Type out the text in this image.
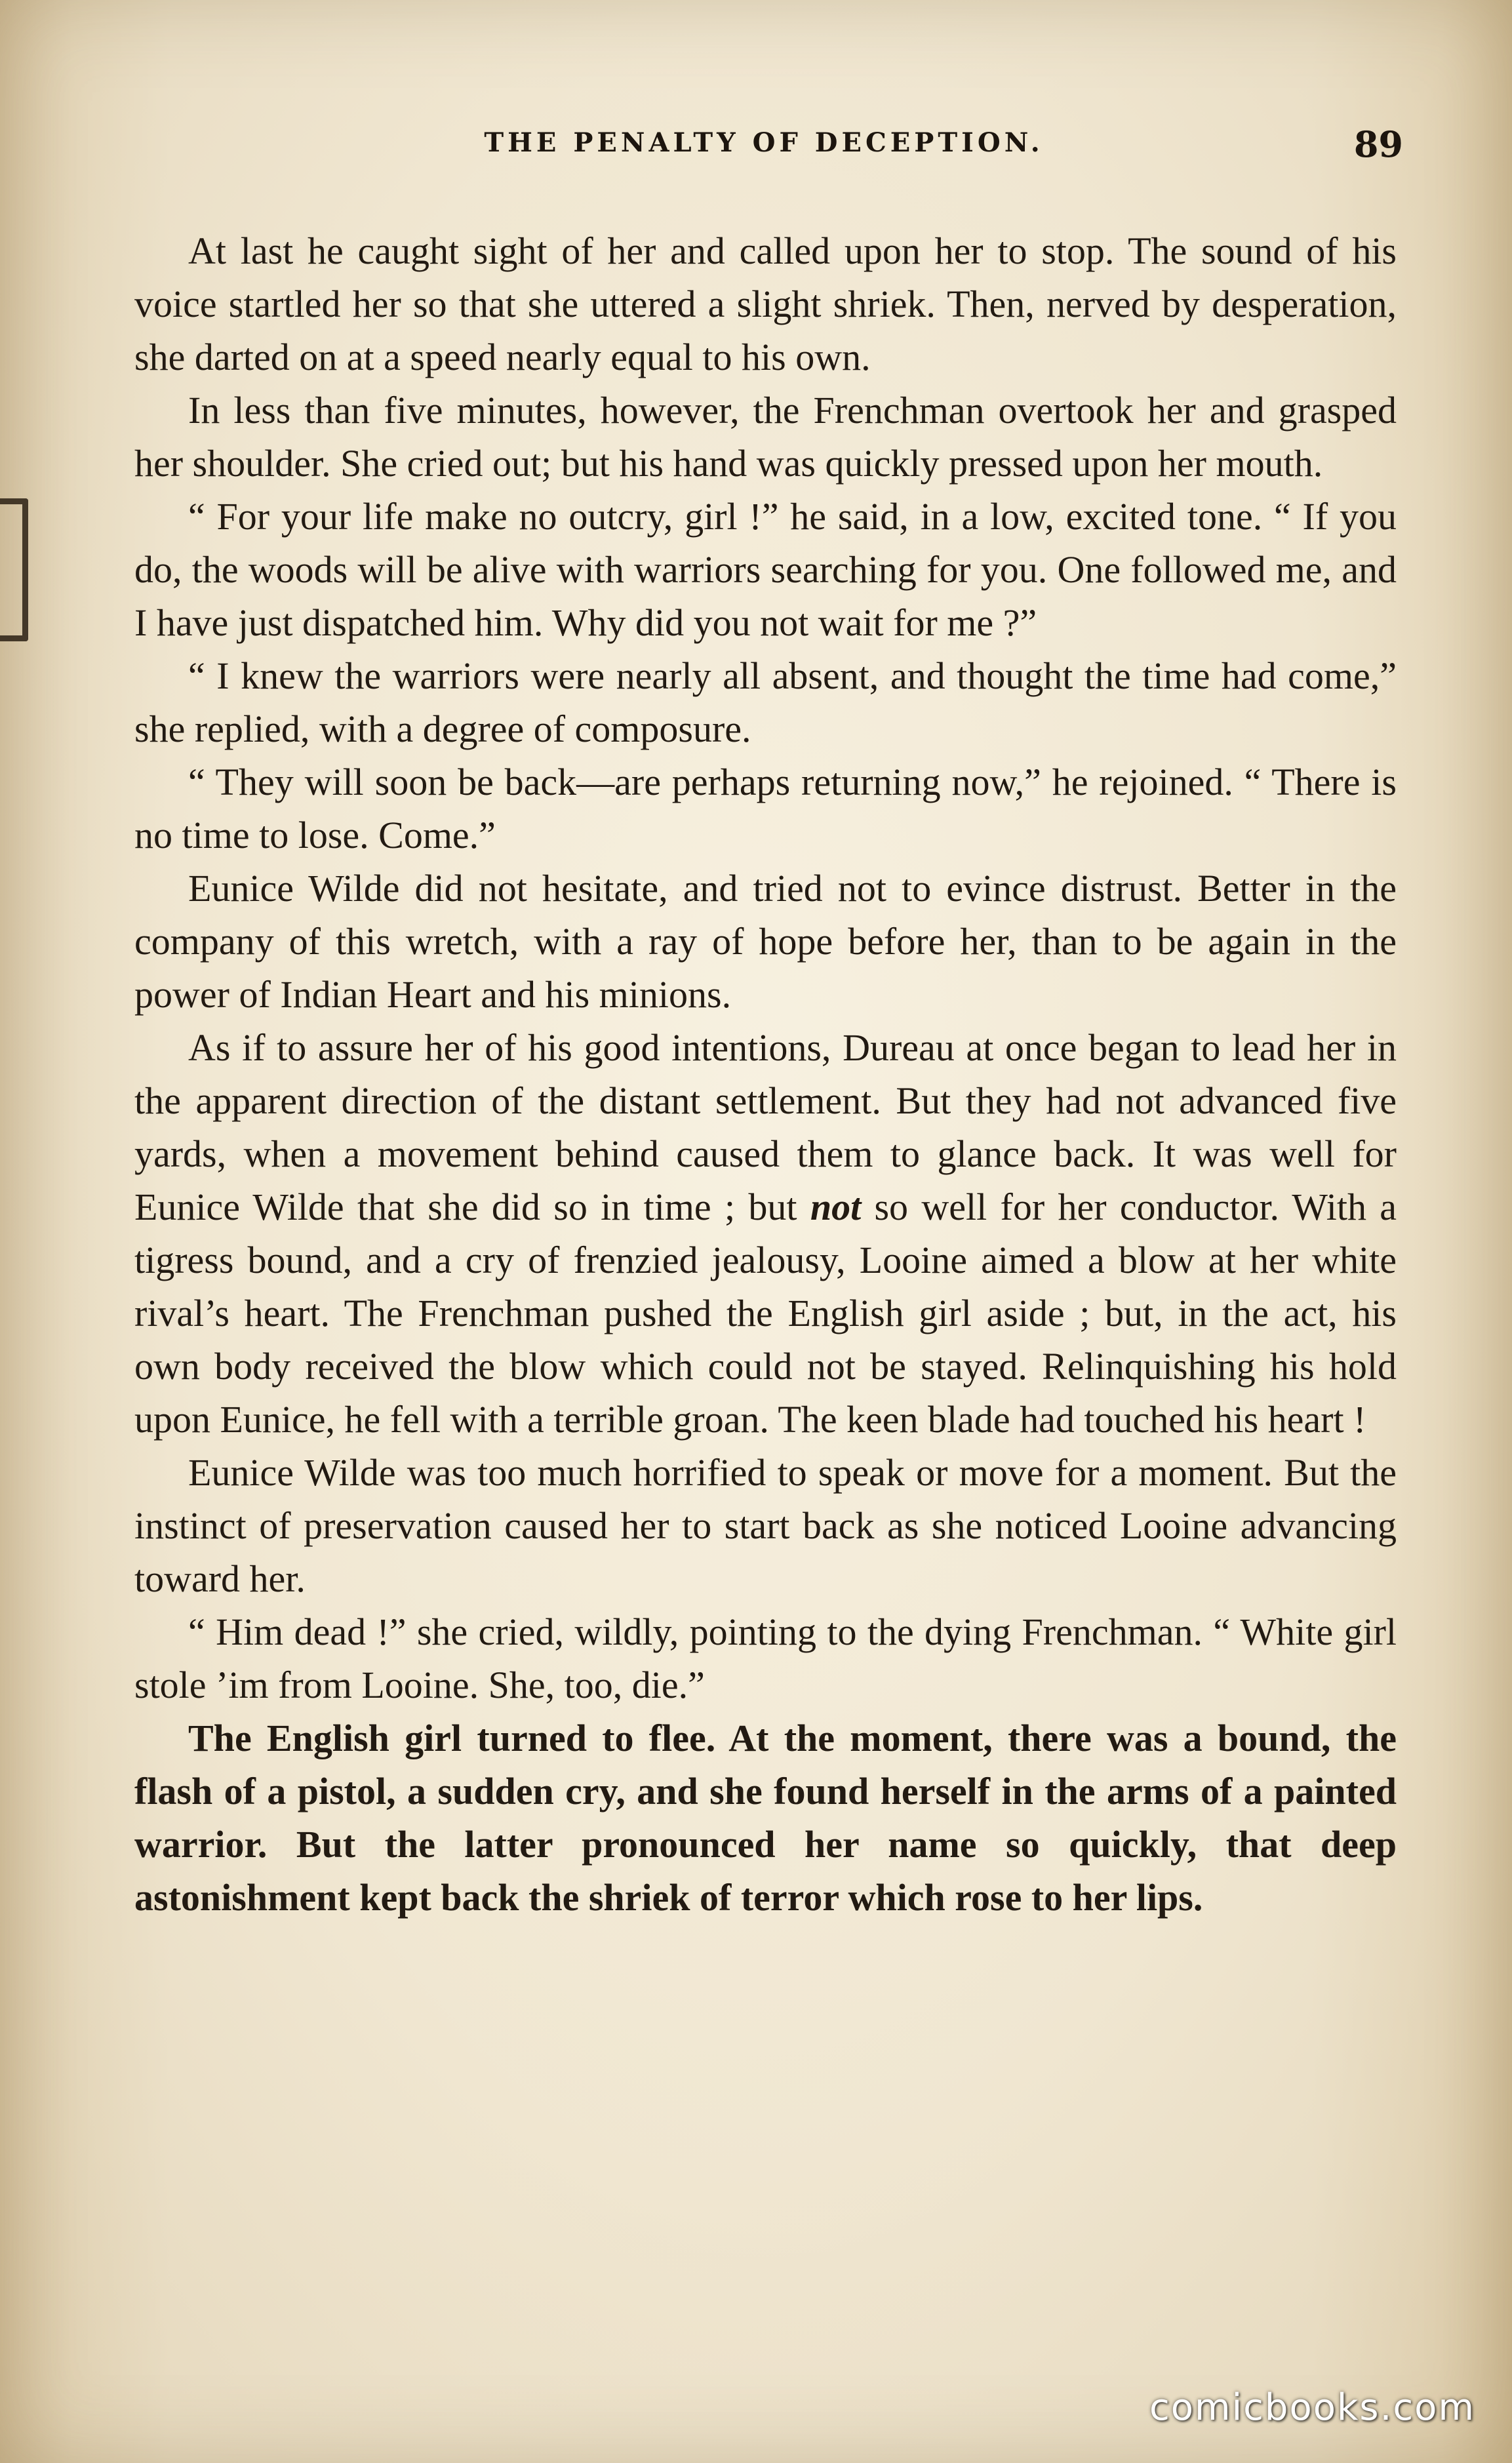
THE PENALTY OF DECEPTION.	89

At last he caught sight of her and called upon her to stop. The sound of his voice startled her so that she uttered a slight shriek. Then, nerved by desperation, she darted on at a speed nearly equal to his own.

In less than five minutes, however, the Frenchman overtook her and grasped her shoulder. She cried out; but his hand was quickly pressed upon her mouth.

“ For your life make no outcry, girl !” he said, in a low, excited tone. “ If you do, the woods will be alive with warriors searching for you. One followed me, and I have just dispatched him. Why did you not wait for me ?”

“ I knew the warriors were nearly all absent, and thought the time had come,” she replied, with a degree of composure.

“ They will soon be back—are perhaps returning now,” he rejoined. “ There is no time to lose. Come.”

Eunice Wilde did not hesitate, and tried not to evince distrust. Better in the company of this wretch, with a ray of hope before her, than to be again in the power of Indian Heart and his minions.

As if to assure her of his good intentions, Dureau at once began to lead her in the apparent direction of the distant settlement. But they had not advanced five yards, when a movement behind caused them to glance back. It was well for Eunice Wilde that she did so in time ; but not so well for her conductor. With a tigress bound, and a cry of frenzied jealousy, Looine aimed a blow at her white rival’s heart. The Frenchman pushed the English girl aside ; but, in the act, his own body received the blow which could not be stayed. Relinquishing his hold upon Eunice, he fell with a terrible groan. The keen blade had touched his heart !

Eunice Wilde was too much horrified to speak or move for a moment. But the instinct of preservation caused her to start back as she noticed Looine advancing toward her.

“ Him dead !” she cried, wildly, pointing to the dying Frenchman. “ White girl stole ’im from Looine. She, too, die.”

The English girl turned to flee. At the moment, there was a bound, the flash of a pistol, a sudden cry, and she found herself in the arms of a painted warrior. But the latter pronounced her name so quickly, that deep astonishment kept back the shriek of terror which rose to her lips.

comicbooks.com
